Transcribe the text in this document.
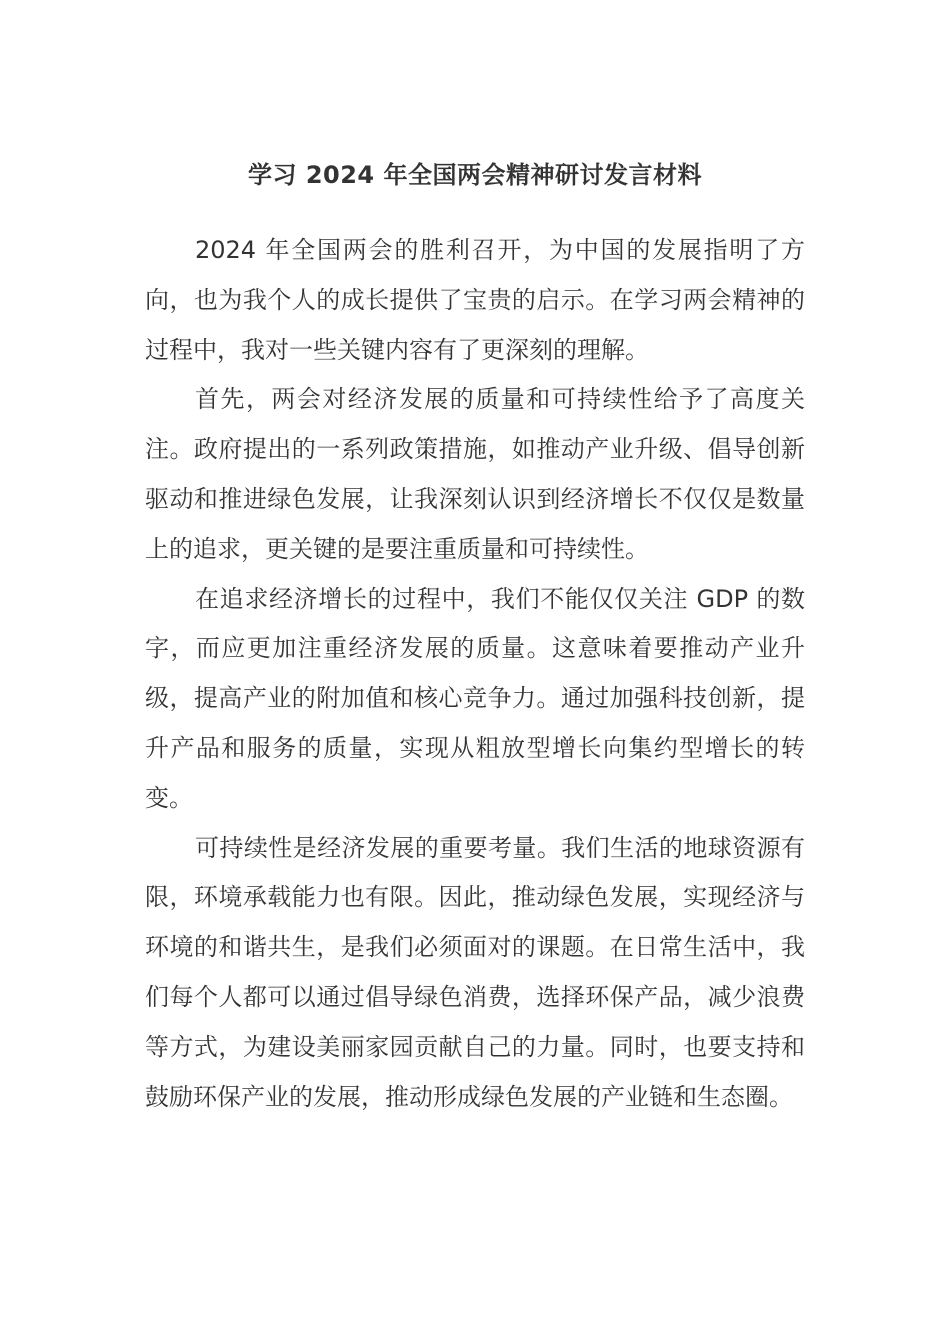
学习 2024 年全国两会精神研讨发言材料

2024 年全国两会的胜利召开，为中国的发展指明了方向，也为我个人的成长提供了宝贵的启示。在学习两会精神的过程中，我对一些关键内容有了更深刻的理解。

首先，两会对经济发展的质量和可持续性给予了高度关注。政府提出的一系列政策措施，如推动产业升级、倡导创新驱动和推进绿色发展，让我深刻认识到经济增长不仅仅是数量上的追求，更关键的是要注重质量和可持续性。

在追求经济增长的过程中，我们不能仅仅关注 GDP 的数字，而应更加注重经济发展的质量。这意味着要推动产业升级，提高产业的附加值和核心竞争力。通过加强科技创新，提升产品和服务的质量，实现从粗放型增长向集约型增长的转变。

可持续性是经济发展的重要考量。我们生活的地球资源有限，环境承载能力也有限。因此，推动绿色发展，实现经济与环境的和谐共生，是我们必须面对的课题。在日常生活中，我们每个人都可以通过倡导绿色消费，选择环保产品，减少浪费等方式，为建设美丽家园贡献自己的力量。同时，也要支持和鼓励环保产业的发展，推动形成绿色发展的产业链和生态圈。
